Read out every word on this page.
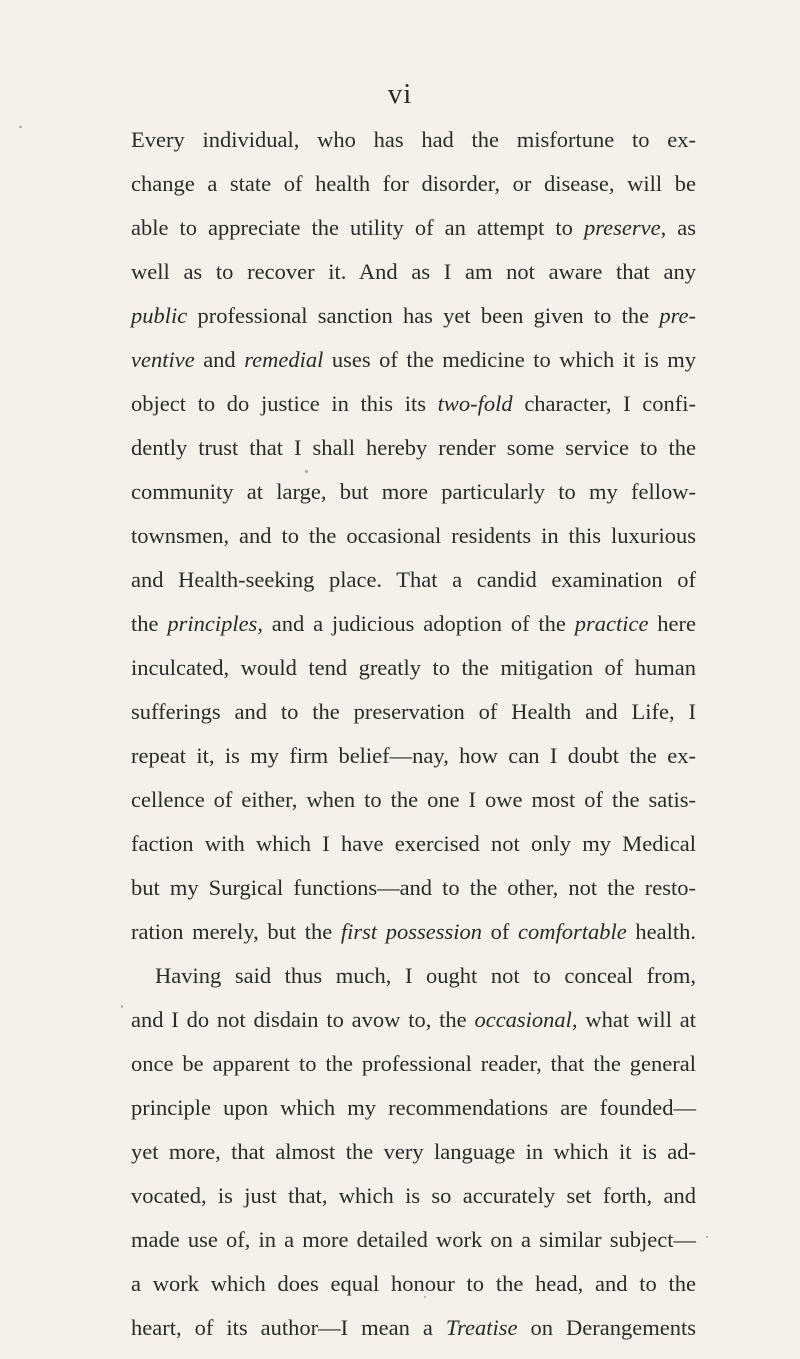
vi
Every individual, who has had the misfortune to ex-
change a state of health for disorder, or disease, will be
able to appreciate the utility of an attempt to preserve, as
well as to recover it. And as I am not aware that any
public professional sanction has yet been given to the pre-
ventive and remedial uses of the medicine to which it is my
object to do justice in this its two-fold character, I confi-
dently trust that I shall hereby render some service to the
community at large, but more particularly to my fellow-
townsmen, and to the occasional residents in this luxurious
and Health-seeking place. That a candid examination of
the principles, and a judicious adoption of the practice here
inculcated, would tend greatly to the mitigation of human
sufferings and to the preservation of Health and Life, I
repeat it, is my firm belief—nay, how can I doubt the ex-
cellence of either, when to the one I owe most of the satis-
faction with which I have exercised not only my Medical
but my Surgical functions—and to the other, not the resto-
ration merely, but the first possession of comfortable health.
Having said thus much, I ought not to conceal from,
and I do not disdain to avow to, the occasional, what will at
once be apparent to the professional reader, that the general
principle upon which my recommendations are founded—
yet more, that almost the very language in which it is ad-
vocated, is just that, which is so accurately set forth, and
made use of, in a more detailed work on a similar subject—
a work which does equal honour to the head, and to the
heart, of its author—I mean a Treatise on Derangements
